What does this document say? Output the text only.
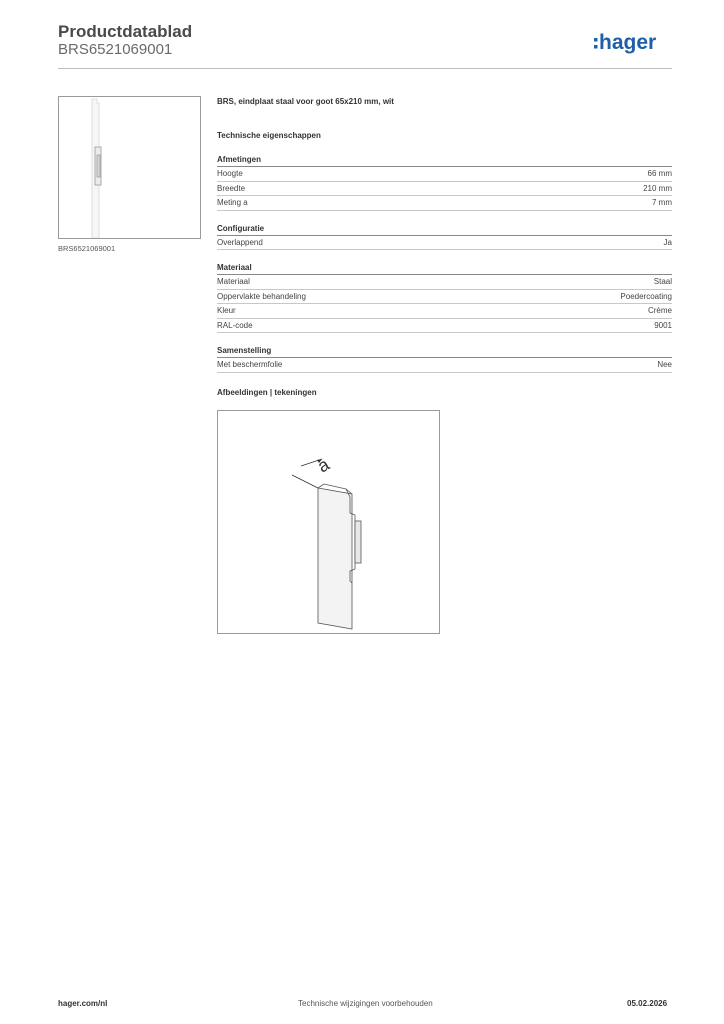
Productdatablad
BRS6521069001	hager
BRS6521069001
BRS, eindplaat staal voor goot 65x210 mm, wit
Technische eigenschappen
Afmetingen
Hoogte	66 mm
Breedte	210 mm
Meting a	7 mm
Configuratie
Overlappend	Ja
Materiaal
Materiaal	Staal
Oppervlakte behandeling	Poedercoating
Kleur	Crème
RAL-code	9001
Samenstelling
Met beschermfolie	Nee
Afbeeldingen | tekeningen
a
hager.com/nl	Technische wijzigingen voorbehouden	05.02.2026
